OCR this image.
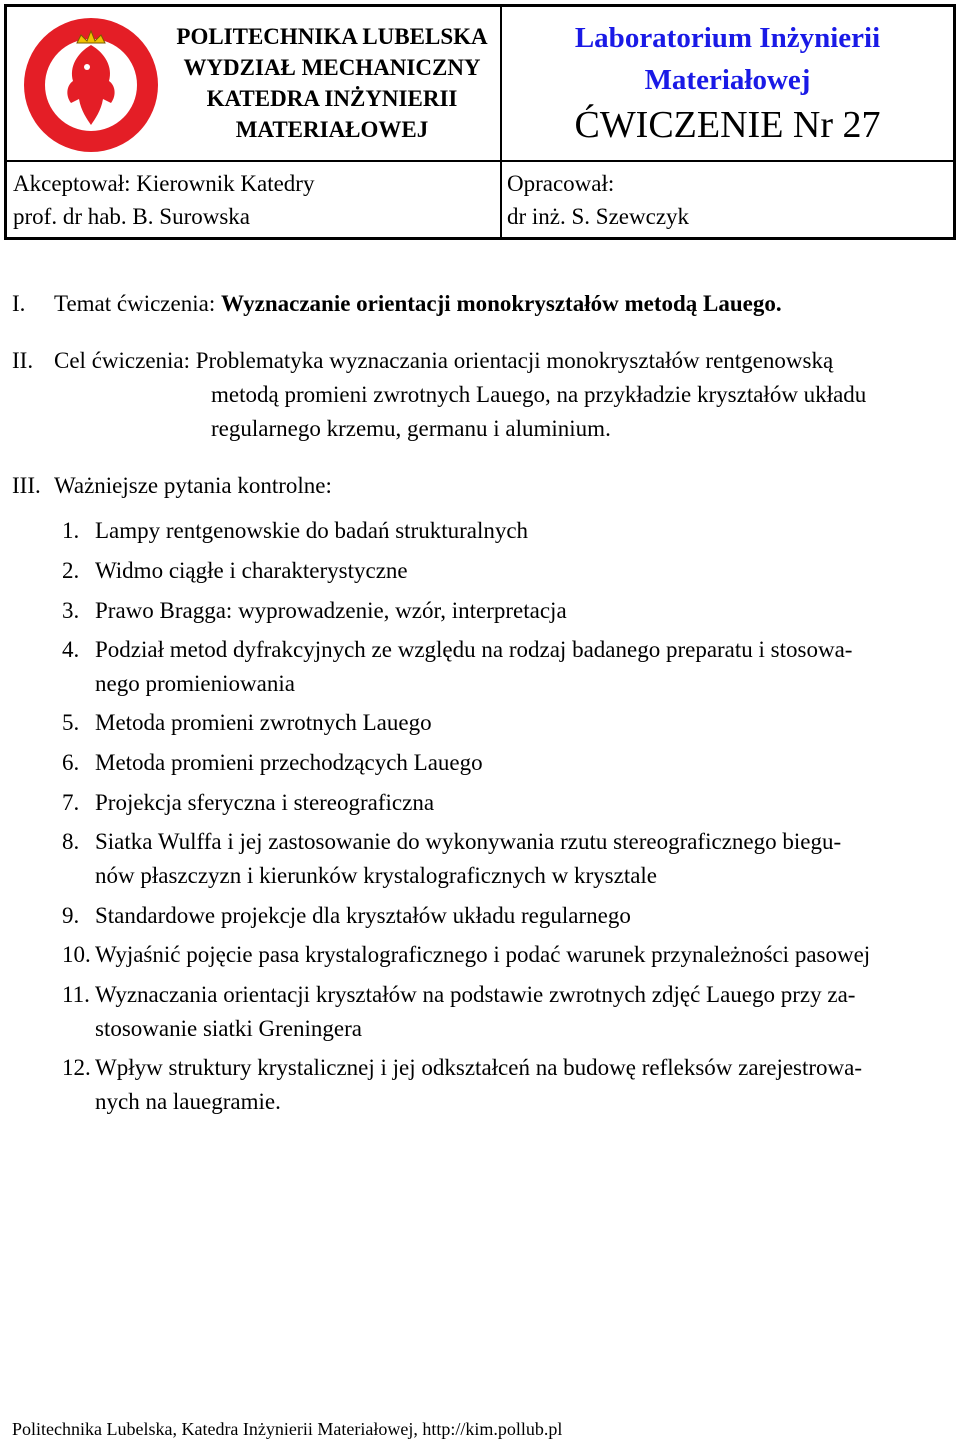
POLITECHNIKA LUBELSKA
WYDZIAŁ MECHANICZNY
KATEDRA INŻYNIERII
MATERIAŁOWEJ
Laboratorium Inżynierii
Materiałowej
ĆWICZENIE Nr 27
Akceptował: Kierownik Katedry
prof. dr hab. B. Surowska
Opracował:
dr inż. S. Szewczyk
I. Temat ćwiczenia: Wyznaczanie orientacji monokryształów metodą Lauego.
II. Cel ćwiczenia: Problematyka wyznaczania orientacji monokryształów rentgenowską
metodą promieni zwrotnych Lauego, na przykładzie kryształów układu
regularnego krzemu, germanu i aluminium.
III. Ważniejsze pytania kontrolne:
1. Lampy rentgenowskie do badań strukturalnych
2. Widmo ciągłe i charakterystyczne
3. Prawo Bragga: wyprowadzenie, wzór, interpretacja
4. Podział metod dyfrakcyjnych ze względu na rodzaj badanego preparatu i stosowa-
nego promieniowania
5. Metoda promieni zwrotnych Lauego
6. Metoda promieni przechodzących Lauego
7. Projekcja sferyczna i stereograficzna
8. Siatka Wulffa i jej zastosowanie do wykonywania rzutu stereograficznego biegu-
nów płaszczyzn i kierunków krystalograficznych w krysztale
9. Standardowe projekcje dla kryształów układu regularnego
10. Wyjaśnić pojęcie pasa krystalograficznego i podać warunek przynależności pasowej
11. Wyznaczania orientacji kryształów na podstawie zwrotnych zdjęć Lauego przy za-
stosowanie siatki Greningera
12. Wpływ struktury krystalicznej i jej odkształceń na budowę refleksów zarejestrowa-
nych na lauegramie.
Politechnika Lubelska, Katedra Inżynierii Materiałowej, http://kim.pollub.pl
